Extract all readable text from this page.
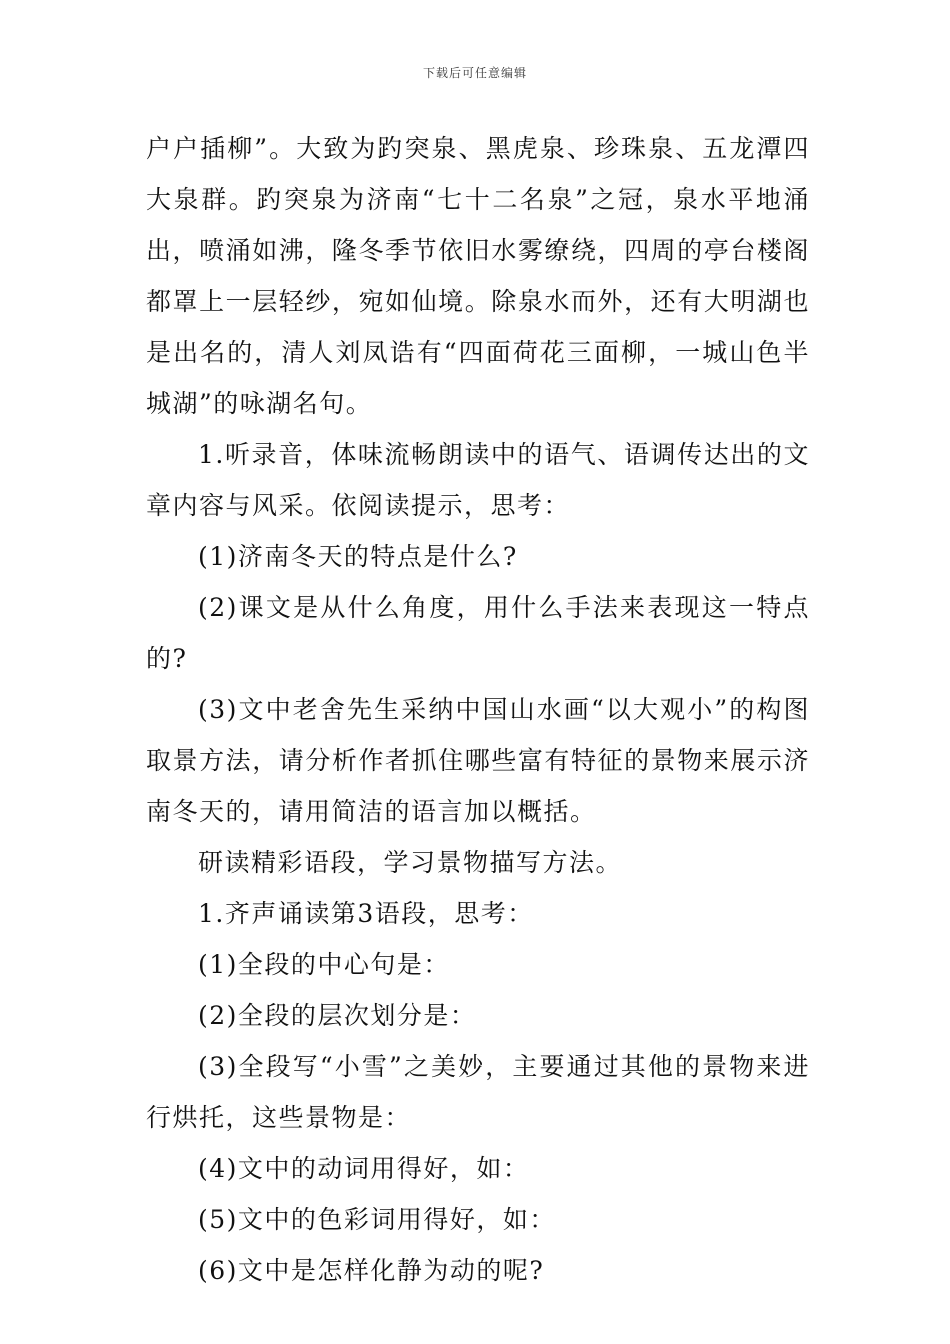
下载后可任意编辑

户户插柳”。大致为趵突泉、黑虎泉、珍珠泉、五龙潭四大泉群。趵突泉为济南“七十二名泉”之冠，泉水平地涌出，喷涌如沸，隆冬季节依旧水雾缭绕，四周的亭台楼阁都罩上一层轻纱，宛如仙境。除泉水而外，还有大明湖也是出名的，清人刘凤诰有“四面荷花三面柳，一城山色半城湖”的咏湖名句。

1.听录音，体味流畅朗读中的语气、语调传达出的文章内容与风采。依阅读提示，思考：

(1)济南冬天的特点是什么?

(2)课文是从什么角度，用什么手法来表现这一特点的?

(3)文中老舍先生采纳中国山水画“以大观小”的构图取景方法，请分析作者抓住哪些富有特征的景物来展示济南冬天的，请用简洁的语言加以概括。

研读精彩语段，学习景物描写方法。

1.齐声诵读第3语段，思考：

(1)全段的中心句是：

(2)全段的层次划分是：

(3)全段写“小雪”之美妙，主要通过其他的景物来进行烘托，这些景物是：

(4)文中的动词用得好，如：

(5)文中的色彩词用得好，如：

(6)文中是怎样化静为动的呢?
